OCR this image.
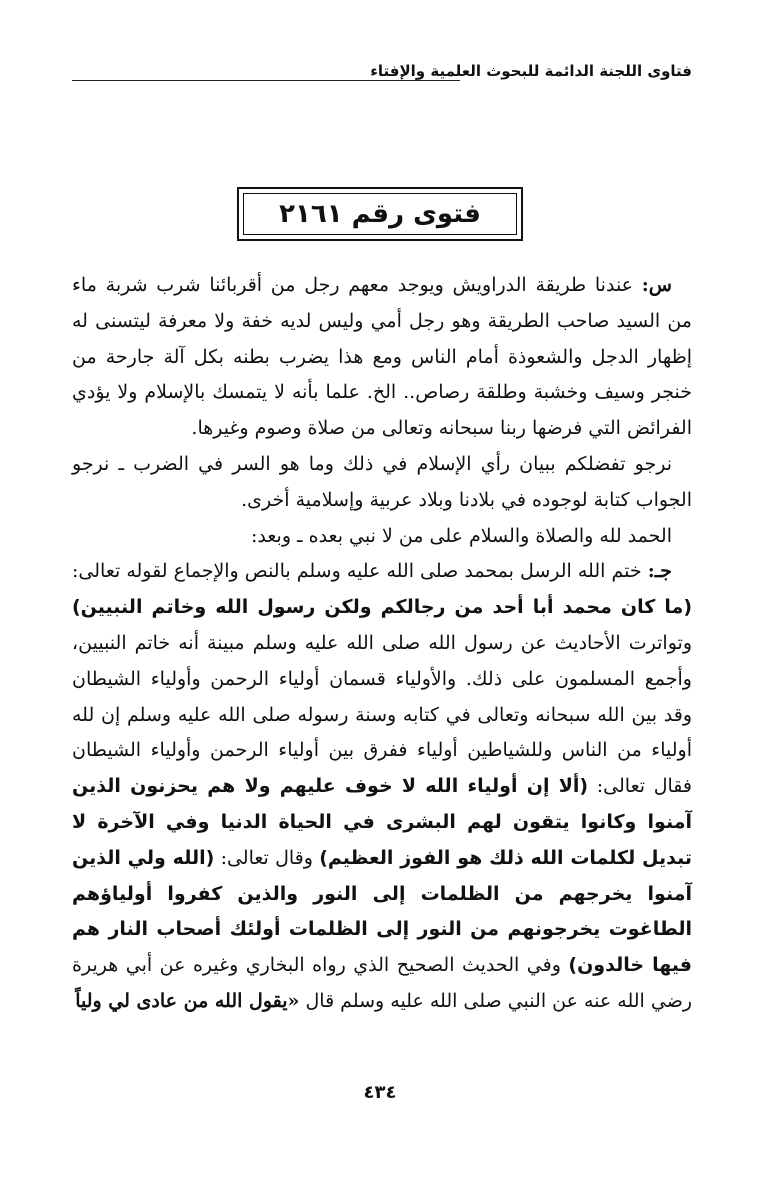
فتاوى اللجنة الدائمة للبحوث العلمية والإفتاء
فتوى رقم ٢١٦١

س: عندنا طريقة الدراويش ويوجد معهم رجل من أقربائنا شرب شربة ماء من السيد صاحب الطريقة وهو رجل أمي وليس لديه خفة ولا معرفة ليتسنى له إظهار الدجل والشعوذة أمام الناس ومع هذا يضرب بطنه بكل آلة جارحة من خنجر وسيف وخشبة وطلقة رصاص.. الخ. علما بأنه لا يتمسك بالإسلام ولا يؤدي الفرائض التي فرضها ربنا سبحانه وتعالى من صلاة وصوم وغيرها.

نرجو تفضلكم ببيان رأي الإسلام في ذلك وما هو السر في الضرب ـ نرجو الجواب كتابة لوجوده في بلادنا وبلاد عربية وإسلامية أخرى.

الحمد لله والصلاة والسلام على من لا نبي بعده ـ وبعد:

جـ: ختم الله الرسل بمحمد صلى الله عليه وسلم بالنص والإجماع لقوله تعالى: (ما كان محمد أبا أحد من رجالكم ولكن رسول الله وخاتم النبيين) وتواترت الأحاديث عن رسول الله صلى الله عليه وسلم مبينة أنه خاتم النبيين، وأجمع المسلمون على ذلك. والأولياء قسمان أولياء الرحمن وأولياء الشيطان وقد بين الله سبحانه وتعالى في كتابه وسنة رسوله صلى الله عليه وسلم إن لله أولياء من الناس وللشياطين أولياء ففرق بين أولياء الرحمن وأولياء الشيطان فقال تعالى: (ألا إن أولياء الله لا خوف عليهم ولا هم يحزنون الذين آمنوا وكانوا يتقون لهم البشرى في الحياة الدنيا وفي الآخرة لا تبديل لكلمات الله ذلك هو الفوز العظيم) وقال تعالى: (الله ولي الذين آمنوا يخرجهم من الظلمات إلى النور والذين كفروا أولياؤهم الطاغوت يخرجونهم من النور إلى الظلمات أولئك أصحاب النار هم فيها خالدون) وفي الحديث الصحيح الذي رواه البخاري وغيره عن أبي هريرة رضي الله عنه عن النبي صلى الله عليه وسلم قال «يقول الله من عادى لي ولياً

٤٣٤
